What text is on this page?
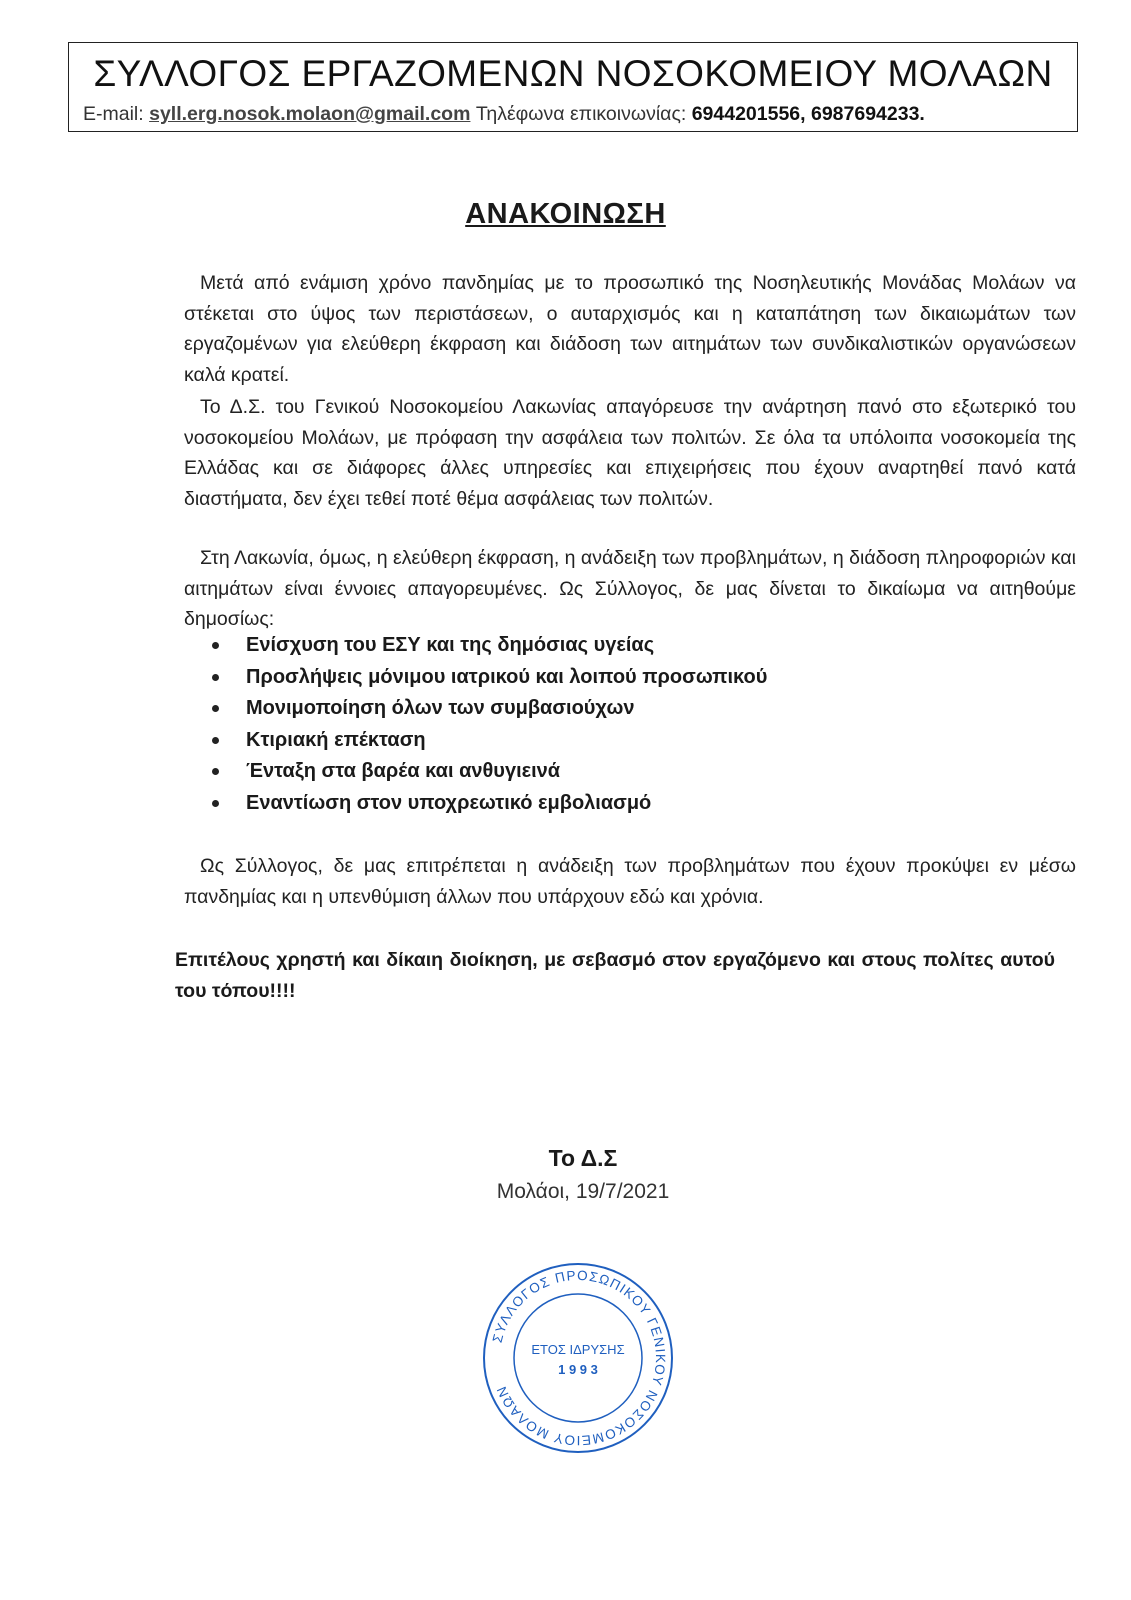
ΣΥΛΛΟΓΟΣ ΕΡΓΑΖΟΜΕΝΩΝ ΝΟΣΟΚΟΜΕΙΟΥ ΜΟΛΑΩΝ
E-mail: syll.erg.nosok.molaon@gmail.com Τηλέφωνα επικοινωνίας: 6944201556, 6987694233.
ΑΝΑΚΟΙΝΩΣΗ

Μετά από ενάμιση χρόνο πανδημίας με το προσωπικό της Νοσηλευτικής Μονάδας Μολάων να στέκεται στο ύψος των περιστάσεων, ο αυταρχισμός και η καταπάτηση των δικαιωμάτων των εργαζομένων για ελεύθερη έκφραση και διάδοση των αιτημάτων των συνδικαλιστικών οργανώσεων καλά κρατεί.

Το Δ.Σ. του Γενικού Νοσοκομείου Λακωνίας απαγόρευσε την ανάρτηση πανό στο εξωτερικό του νοσοκομείου Μολάων, με πρόφαση την ασφάλεια των πολιτών. Σε όλα τα υπόλοιπα νοσοκομεία της Ελλάδας και σε διάφορες άλλες υπηρεσίες και επιχειρήσεις που έχουν αναρτηθεί πανό κατά διαστήματα, δεν έχει τεθεί ποτέ θέμα ασφάλειας των πολιτών.

Στη Λακωνία, όμως, η ελεύθερη έκφραση, η ανάδειξη των προβλημάτων, η διάδοση πληροφοριών και αιτημάτων είναι έννοιες απαγορευμένες. Ως Σύλλογος, δε μας δίνεται το δικαίωμα να αιτηθούμε δημοσίως:

Ενίσχυση του ΕΣΥ και της δημόσιας υγείας
Προσλήψεις μόνιμου ιατρικού και λοιπού προσωπικού
Μονιμοποίηση όλων των συμβασιούχων
Κτιριακή επέκταση
Ένταξη στα βαρέα και ανθυγιεινά
Εναντίωση στον υποχρεωτικό εμβολιασμό

Ως Σύλλογος, δε μας επιτρέπεται η ανάδειξη των προβλημάτων που έχουν προκύψει εν μέσω πανδημίας και η υπενθύμιση άλλων που υπάρχουν εδώ και χρόνια.

Επιτέλους χρηστή και δίκαιη διοίκηση, με σεβασμό στον εργαζόμενο και στους πολίτες αυτού του τόπου!!!!

Το Δ.Σ
Μολάοι, 19/7/2021
ΣΥΛΛΟΓΟΣ ΠΡΟΣΩΠΙΚΟΥ ΓΕΝΙΚΟΥ ΝΟΣΟΚΟΜΕΙΟΥ ΜΟΛΑΩΝ
ΕΤΟΣ ΙΔΡΥΣΗΣ
1 9 9 3
